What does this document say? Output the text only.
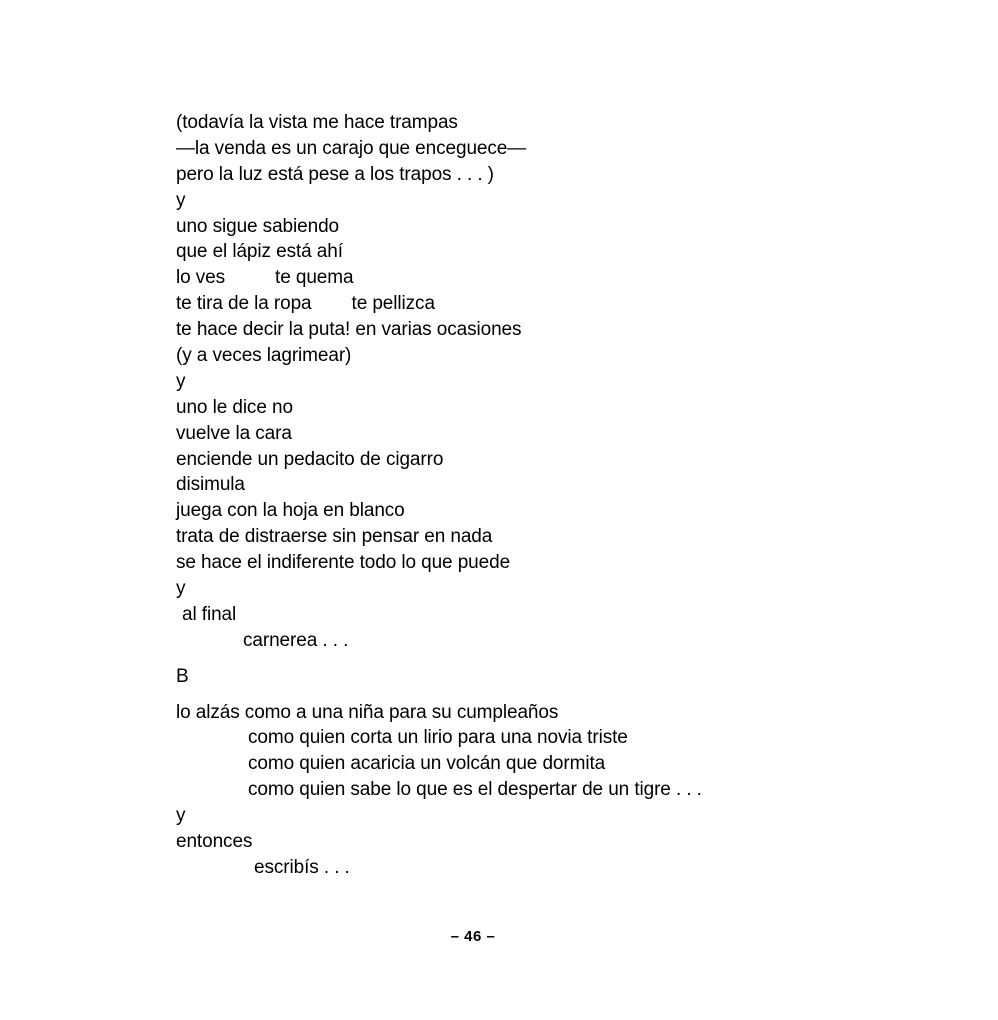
(todavía la vista me hace trampas
—la venda es un carajo que enceguece—
pero la luz está pese a los trapos . . . )
y
uno sigue sabiendo
que el lápiz está ahí
lo ves	te quema
te tira de la ropa te pellizca
te hace decir la puta! en varias ocasiones
(y a veces lagrimear)
y
uno le dice no
vuelve la cara
enciende un pedacito de cigarro
disimula
juega con la hoja en blanco
trata de distraerse sin pensar en nada
se hace el indiferente todo lo que puede
y
al final
carnerea . . .
B
lo alzás como a una niña para su cumpleaños
como quien corta un lirio para una novia triste
como quien acaricia un volcán que dormita
como quien sabe lo que es el despertar de un tigre . . .
y
entonces
escribís . . .
– 46 –
